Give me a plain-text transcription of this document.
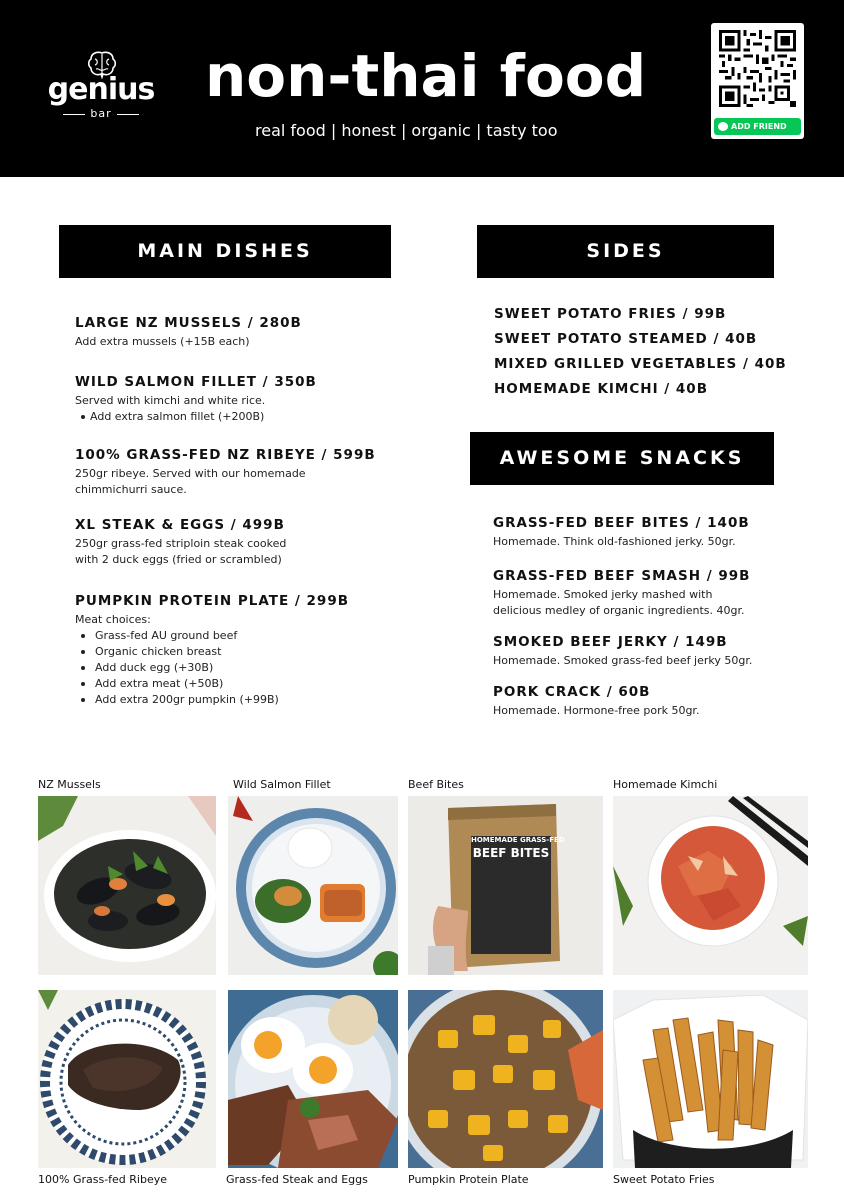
genius
bar
non-thai food
real food | honest | organic | tasty too	ADD FRIEND
MAIN DISHES	SIDES
AWESOME SNACKS
LARGE NZ MUSSELS / 280B
Add extra mussels (+15B each)
WILD SALMON FILLET / 350B
Served with kimchi and white rice.
Add extra salmon fillet (+200B)
100% GRASS-FED NZ RIBEYE / 599B
250gr ribeye. Served with our homemade
chimmichurri sauce.
XL STEAK & EGGS / 499B
250gr grass-fed striploin steak cooked
with 2 duck eggs (fried or scrambled)
PUMPKIN PROTEIN PLATE / 299B
Meat choices:
Grass-fed AU ground beef
Organic chicken breast
Add duck egg (+30B)
Add extra meat (+50B)
Add extra 200gr pumpkin (+99B)
SWEET POTATO FRIES / 99B
SWEET POTATO STEAMED / 40B
MIXED GRILLED VEGETABLES / 40B
HOMEMADE KIMCHI / 40B
GRASS-FED BEEF BITES / 140B
Homemade. Think old-fashioned jerky. 50gr.
GRASS-FED BEEF SMASH / 99B
Homemade. Smoked jerky mashed with
delicious medley of organic ingredients. 40gr.
SMOKED BEEF JERKY / 149B
Homemade. Smoked grass-fed beef jerky 50gr.
PORK CRACK / 60B
Homemade. Hormone-free pork 50gr.
NZ Mussels	Wild Salmon Fillet	Beef Bites	Homemade Kimchi
HOMEMADE GRASS-FED
BEEF BITES
100% Grass-fed Ribeye	Grass-fed Steak and Eggs	Pumpkin Protein Plate	Sweet Potato Fries
